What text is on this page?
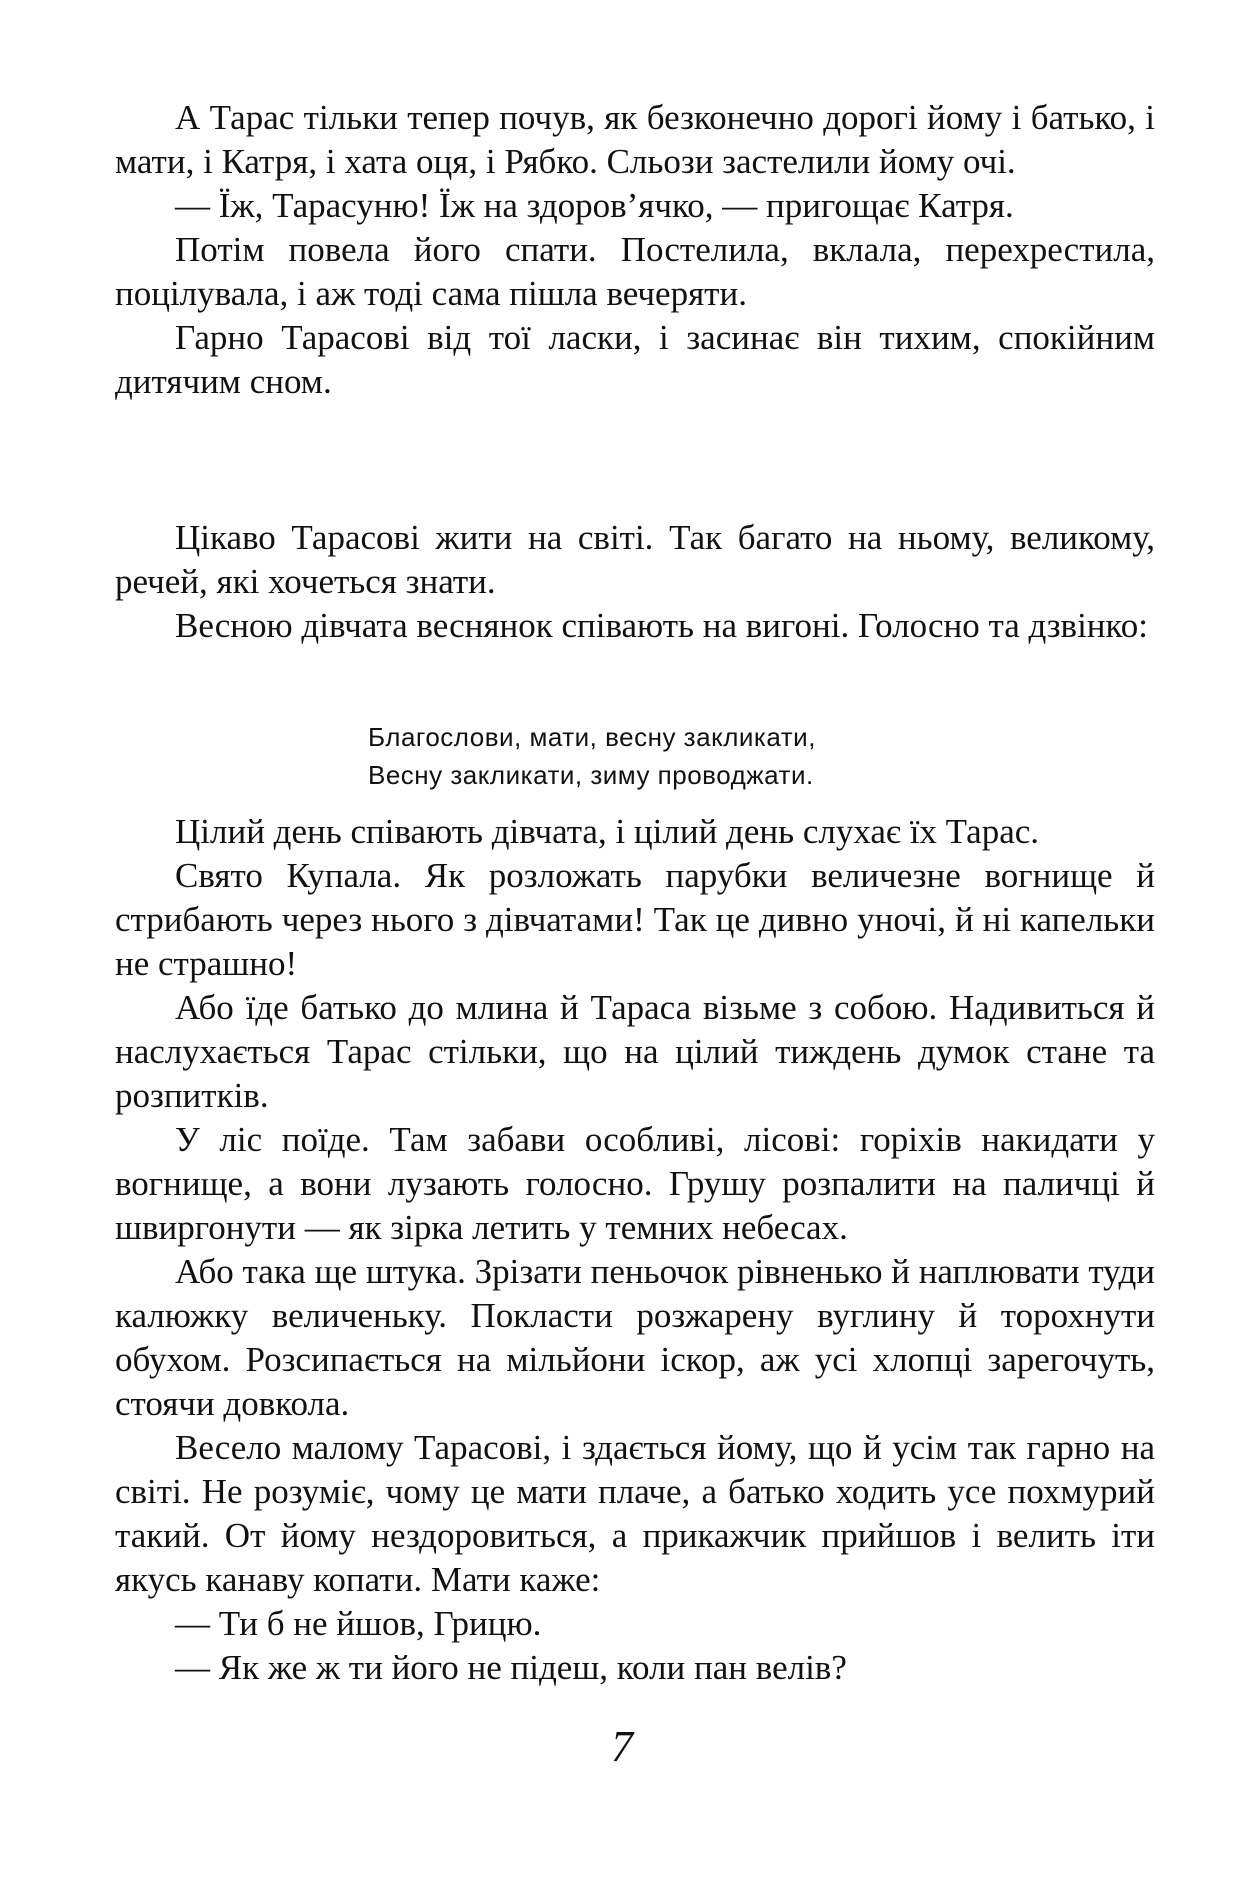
А Тарас тільки тепер почув, як безконечно дорогі йому і батько, і мати, і Катря, і хата оця, і Рябко. Сльози застелили йому очі.

— Їж, Тарасуню! Їж на здоров’ячко, — пригощає Катря.

Потім повела його спати. Постелила, вклала, перехрестила, поцілувала, і аж тоді сама пішла вечеряти.

Гарно Тарасові від тої ласки, і засинає він тихим, спокійним дитячим сном.

Цікаво Тарасові жити на світі. Так багато на ньому, великому, речей, які хочеться знати.

Весною дівчата веснянок співають на вигоні. Голосно та дзвінко:

Благослови, мати, весну закликати,
Весну закликати, зиму проводжати.

Цілий день співають дівчата, і цілий день слухає їх Тарас.

Свято Купала. Як розложать парубки величезне вогнище й стрибають через нього з дівчатами! Так це дивно уночі, й ні капельки не страшно!

Або їде батько до млина й Тараса візьме з собою. Надивиться й наслухається Тарас стільки, що на цілий тиждень думок стане та розпитків.

У ліс поїде. Там забави особливі, лісові: горіхів накидати у вогнище, а вони лузають голосно. Грушу розпалити на паличці й швиргонути — як зірка летить у темних небесах.

Або така ще штука. Зрізати пеньочок рівненько й наплювати туди калюжку величеньку. Покласти розжарену вуглину й торохнути обухом. Розсипається на мільйони іскор, аж усі хлопці зарегочуть, стоячи довкола.

Весело малому Тарасові, і здається йому, що й усім так гарно на світі. Не розуміє, чому це мати плаче, а батько ходить усе похмурий такий. От йому нездоровиться, а прикажчик прийшов і велить іти якусь канаву копати. Мати каже:

— Ти б не йшов, Грицю.

— Як же ж ти його не підеш, коли пан велів?

7
